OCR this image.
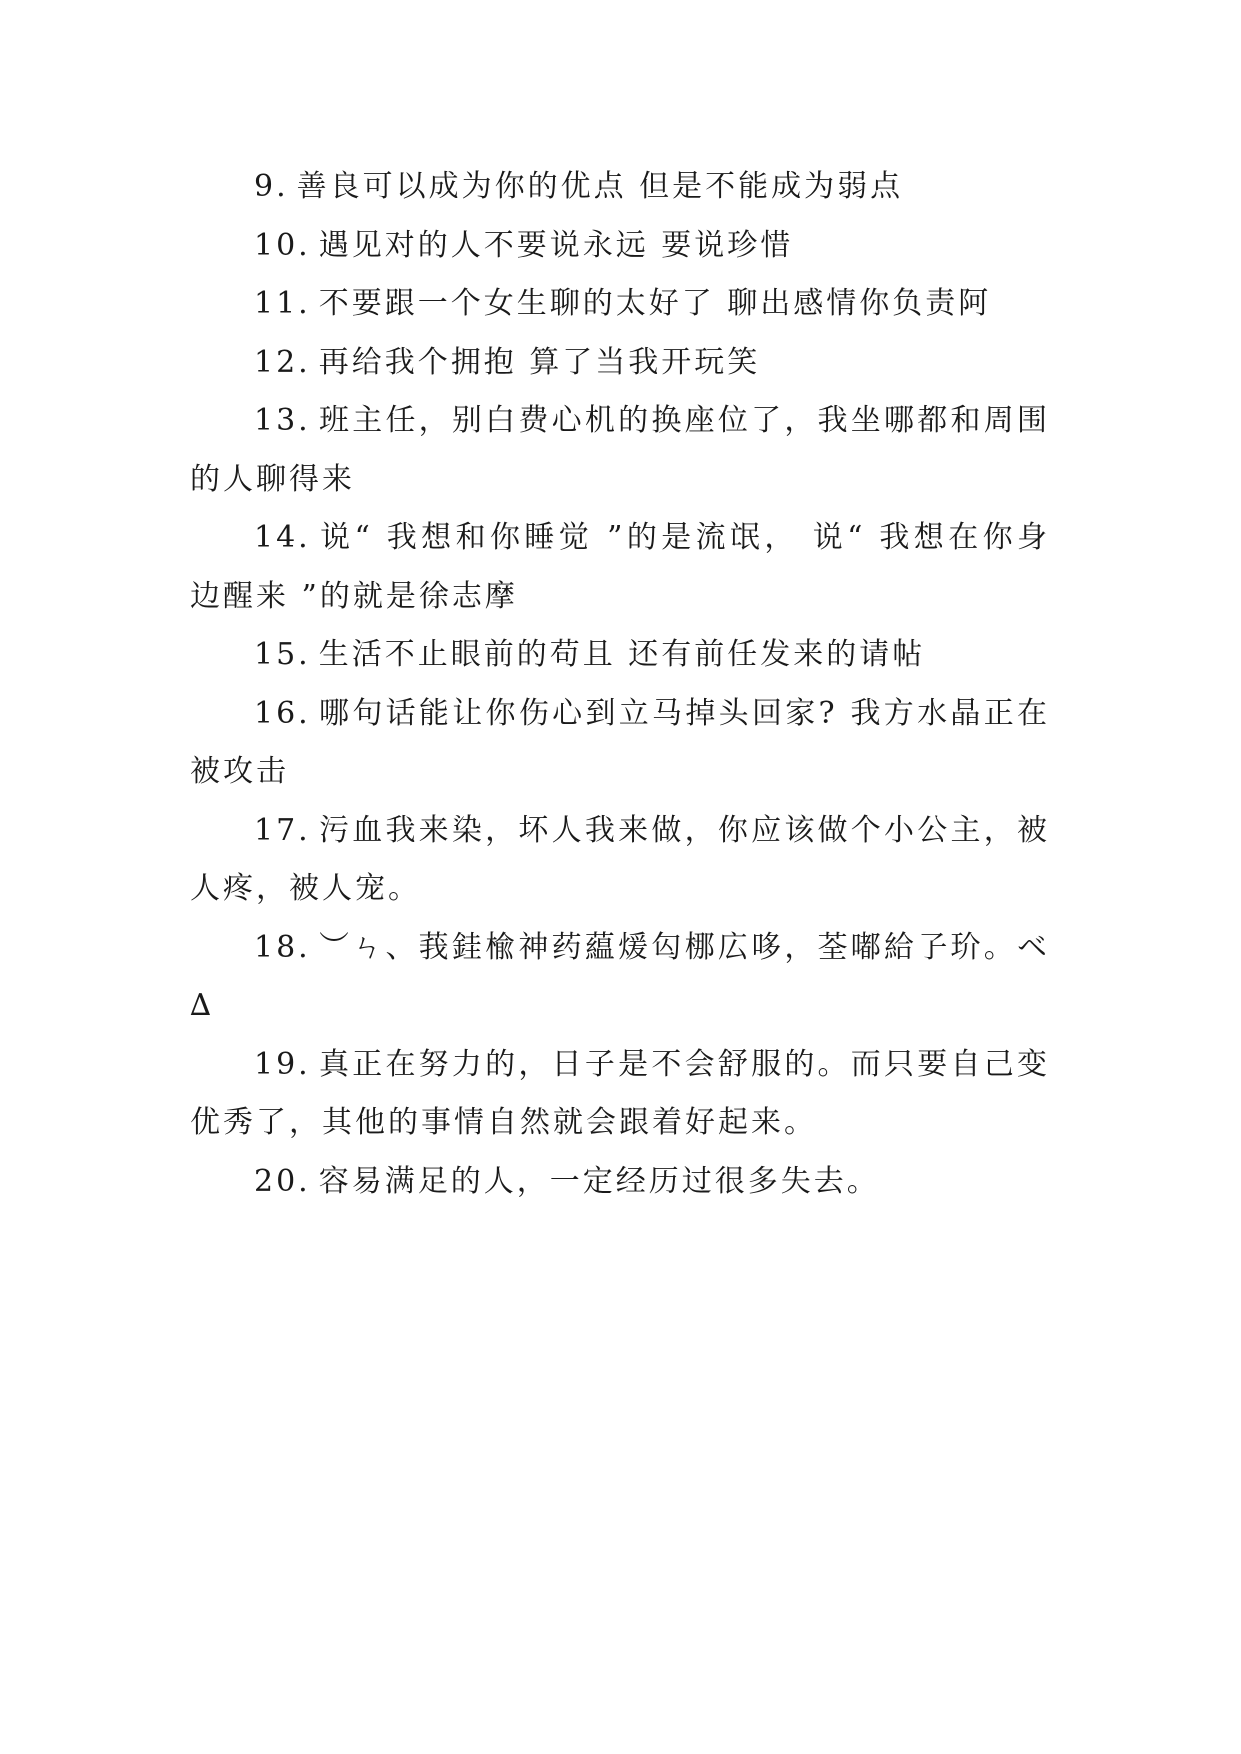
9. 善良可以成为你的优点 但是不能成为弱点

10. 遇见对的人不要说永远 要说珍惜

11. 不要跟一个女生聊的太好了 聊出感情你负责阿

12. 再给我个拥抱 算了当我开玩笑

13. 班主任，别白费心机的换座位了，我坐哪都和周围的人聊得来

14. 说“ 我想和你睡觉 ”的是流氓， 说“ 我想在你身边醒来 ”的就是徐志摩

15. 生活不止眼前的苟且 还有前任发来的请帖

16. 哪句话能让你伤心到立马掉头回家? 我方水晶正在被攻击

17. 污血我来染，坏人我来做，你应该做个小公主，被人疼，被人宠。

18. ︶ㄣ、莪銈楡神药藴煖匃梛広哆，荃嘟給孒玠。ベ∆

19. 真正在努力的，日子是不会舒服的。而只要自己变优秀了，其他的事情自然就会跟着好起来。

20. 容易满足的人，一定经历过很多失去。
